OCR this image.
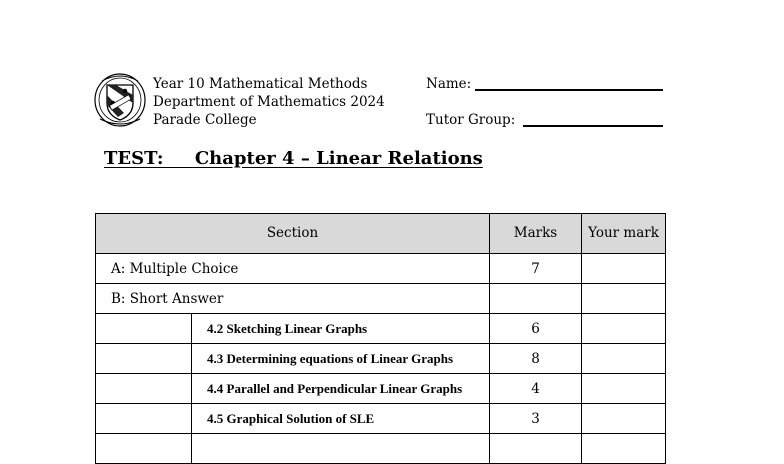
Year 10 Mathematical Methods
Department of Mathematics 2024
Parade College
Name:
Tutor Group:
TEST:     Chapter 4 – Linear Relations
Section		Marks	Your mark
A: Multiple Choice		7	
B: Short Answer			
	4.2 Sketching Linear Graphs	6	
	4.3 Determining equations of Linear Graphs	8	
	4.4 Parallel and Perpendicular Linear Graphs	4	
	4.5 Graphical Solution of SLE	3	
